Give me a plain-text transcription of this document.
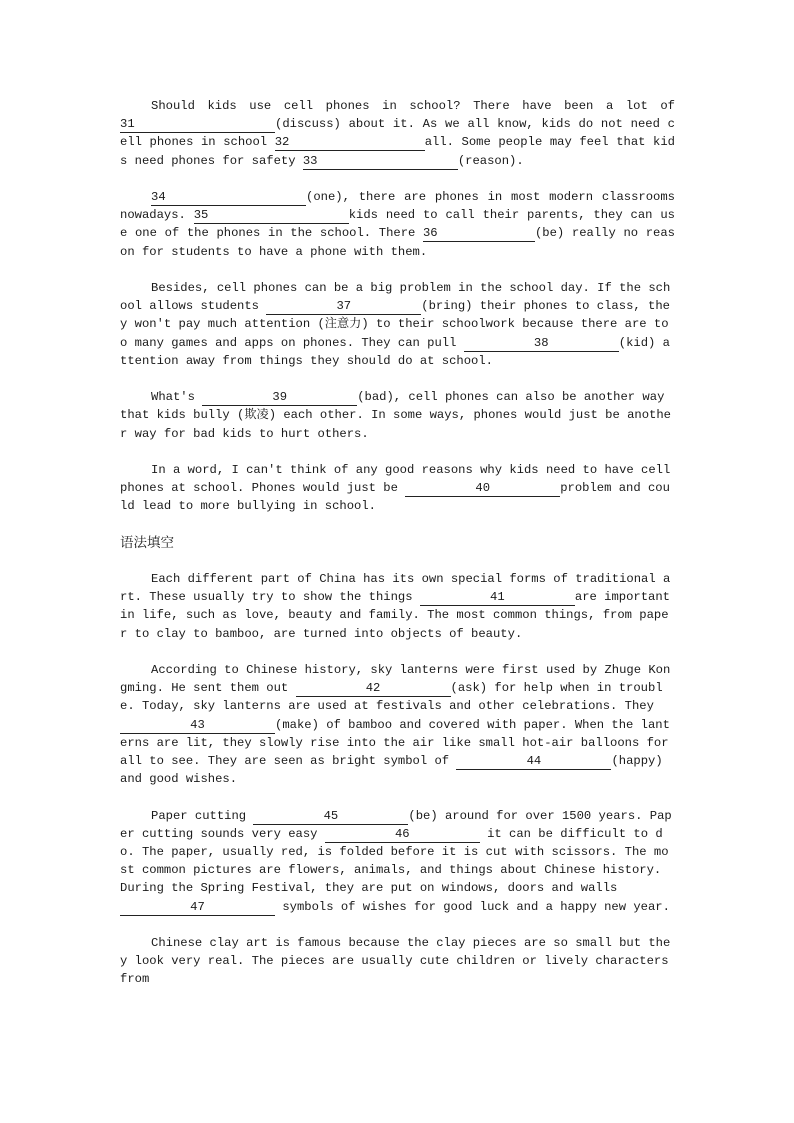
Should kids use cell phones in school? There have been a lot of 31	(discuss) about it. As we all know, kids do not need cell phones in school 32	all. Some people may feel that kids need phones for safety 33	(reason).

34	(one), there are phones in most modern classrooms nowadays. 35	kids need to call their parents, they can use one of the phones in the school. There 36	(be) really no reason for students to have a phone with them.

Besides, cell phones can be a big problem in the school day. If the school allows students	37	(bring) their phones to class, they won't pay much attention (注意力) to their schoolwork because there are too many games and apps on phones. They can pull	38	(kid) attention away from things they should do at school.

What's	39	(bad), cell phones can also be another way that kids bully (欺凌) each other. In some ways, phones would just be another way for bad kids to hurt others.

In a word, I can't think of any good reasons why kids need to have cell phones at school. Phones would just be	40	problem and could lead to more bullying in school.

语法填空

Each different part of China has its own special forms of traditional art. These usually try to show the things	41	are important in life, such as love, beauty and family. The most common things, from paper to clay to bamboo, are turned into objects of beauty.

According to Chinese history, sky lanterns were first used by Zhuge Kongming. He sent them out	42	(ask) for help when in trouble. Today, sky lanterns are used at festivals and other celebrations. They 43	(make) of bamboo and covered with paper. When the lanterns are lit, they slowly rise into the air like small hot-air balloons for all to see. They are seen as bright symbol of	44	(happy) and good wishes.

Paper cutting	45	(be) around for over 1500 years. Paper cutting sounds very easy	46	it can be difficult to do. The paper, usually red, is folded before it is cut with scissors. The most common pictures are flowers, animals, and things about Chinese history. During the Spring Festival, they are put on windows, doors and walls 47	symbols of wishes for good luck and a happy new year.

Chinese clay art is famous because the clay pieces are so small but they look very real. The pieces are usually cute children or lively characters from
